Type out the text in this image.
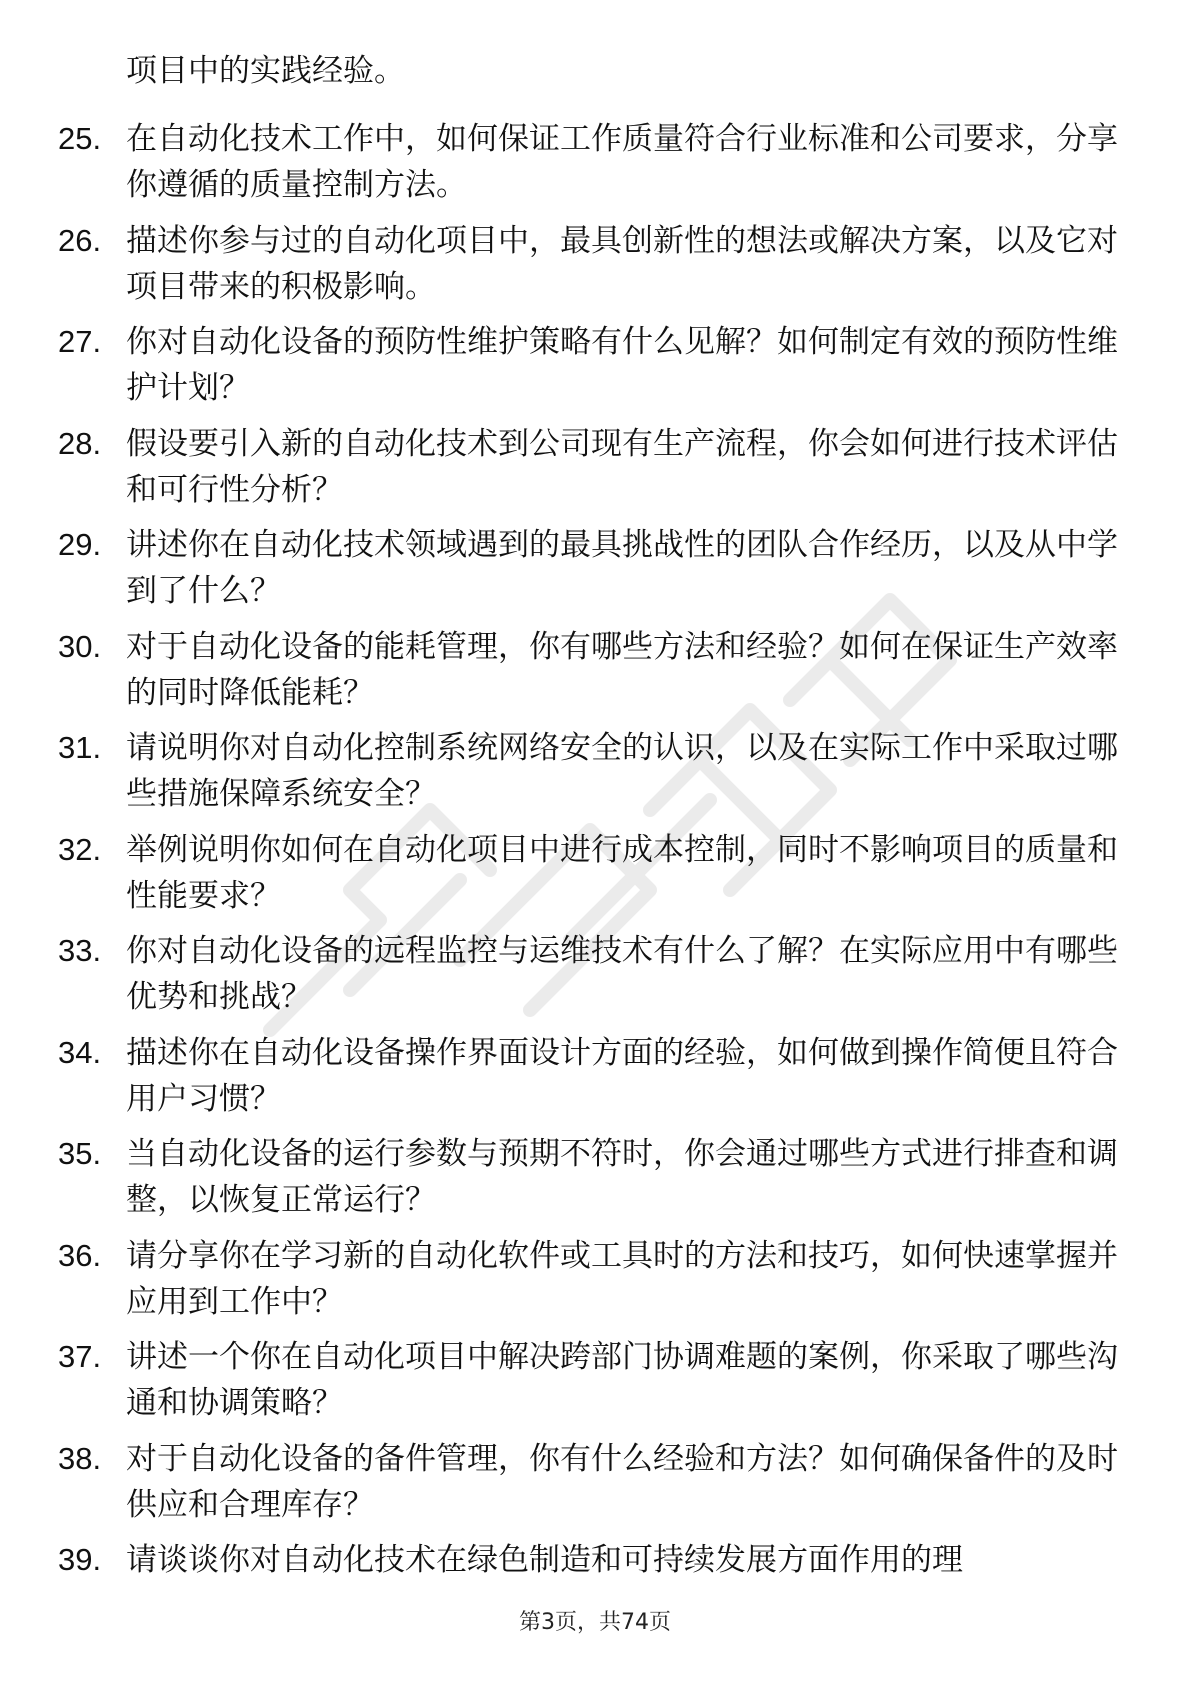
项目中的实践经验。
25. 在自动化技术工作中，如何保证工作质量符合行业标准和公司要求，分享你遵循的质量控制方法。
26. 描述你参与过的自动化项目中，最具创新性的想法或解决方案，以及它对项目带来的积极影响。
27. 你对自动化设备的预防性维护策略有什么见解？如何制定有效的预防性维护计划？
28. 假设要引入新的自动化技术到公司现有生产流程，你会如何进行技术评估和可行性分析？
29. 讲述你在自动化技术领域遇到的最具挑战性的团队合作经历，以及从中学到了什么？
30. 对于自动化设备的能耗管理，你有哪些方法和经验？如何在保证生产效率的同时降低能耗？
31. 请说明你对自动化控制系统网络安全的认识，以及在实际工作中采取过哪些措施保障系统安全？
32. 举例说明你如何在自动化项目中进行成本控制，同时不影响项目的质量和性能要求？
33. 你对自动化设备的远程监控与运维技术有什么了解？在实际应用中有哪些优势和挑战？
34. 描述你在自动化设备操作界面设计方面的经验，如何做到操作简便且符合用户习惯？
35. 当自动化设备的运行参数与预期不符时，你会通过哪些方式进行排查和调整，以恢复正常运行？
36. 请分享你在学习新的自动化软件或工具时的方法和技巧，如何快速掌握并应用到工作中？
37. 讲述一个你在自动化项目中解决跨部门协调难题的案例，你采取了哪些沟通和协调策略？
38. 对于自动化设备的备件管理，你有什么经验和方法？如何确保备件的及时供应和合理库存？
39. 请谈谈你对自动化技术在绿色制造和可持续发展方面作用的理
第3页，共74页
